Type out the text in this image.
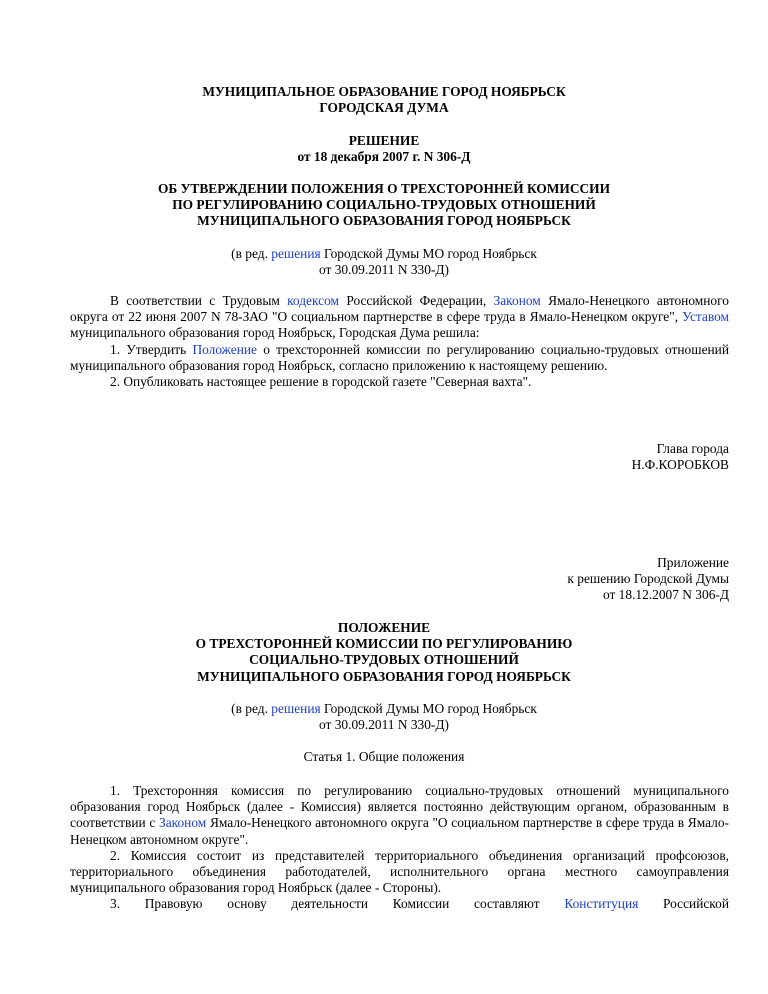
МУНИЦИПАЛЬНОЕ ОБРАЗОВАНИЕ ГОРОД НОЯБРЬСК

ГОРОДСКАЯ ДУМА

РЕШЕНИЕ

от 18 декабря 2007 г. N 306-Д

ОБ УТВЕРЖДЕНИИ ПОЛОЖЕНИЯ О ТРЕХСТОРОННЕЙ КОМИССИИ

ПО РЕГУЛИРОВАНИЮ СОЦИАЛЬНО-ТРУДОВЫХ ОТНОШЕНИЙ

МУНИЦИПАЛЬНОГО ОБРАЗОВАНИЯ ГОРОД НОЯБРЬСК

(в ред. решения Городской Думы МО город Ноябрьск

от 30.09.2011 N 330-Д)

В соответствии с Трудовым кодексом Российской Федерации, Законом Ямало-Ненецкого автономного округа от 22 июня 2007 N 78-ЗАО "О социальном партнерстве в сфере труда в Ямало-Ненецком округе", Уставом муниципального образования город Ноябрьск, Городская Дума решила:

1. Утвердить Положение о трехсторонней комиссии по регулированию социально-трудовых отношений муниципального образования город Ноябрьск, согласно приложению к настоящему решению.

2. Опубликовать настоящее решение в городской газете "Северная вахта".

Глава города

Н.Ф.КОРОБКОВ

Приложение

к решению Городской Думы

от 18.12.2007 N 306-Д

ПОЛОЖЕНИЕ

О ТРЕХСТОРОННЕЙ КОМИССИИ ПО РЕГУЛИРОВАНИЮ

СОЦИАЛЬНО-ТРУДОВЫХ ОТНОШЕНИЙ

МУНИЦИПАЛЬНОГО ОБРАЗОВАНИЯ ГОРОД НОЯБРЬСК

(в ред. решения Городской Думы МО город Ноябрьск

от 30.09.2011 N 330-Д)

Статья 1. Общие положения

1. Трехсторонняя комиссия по регулированию социально-трудовых отношений муниципального образования город Ноябрьск (далее - Комиссия) является постоянно действующим органом, образованным в соответствии с Законом Ямало-Ненецкого автономного округа "О социальном партнерстве в сфере труда в Ямало-Ненецком автономном округе".

2. Комиссия состоит из представителей территориального объединения организаций профсоюзов, территориального объединения работодателей, исполнительного органа местного самоуправления муниципального образования город Ноябрьск (далее - Стороны).

3. Правовую основу деятельности Комиссии составляют Конституция Российской
